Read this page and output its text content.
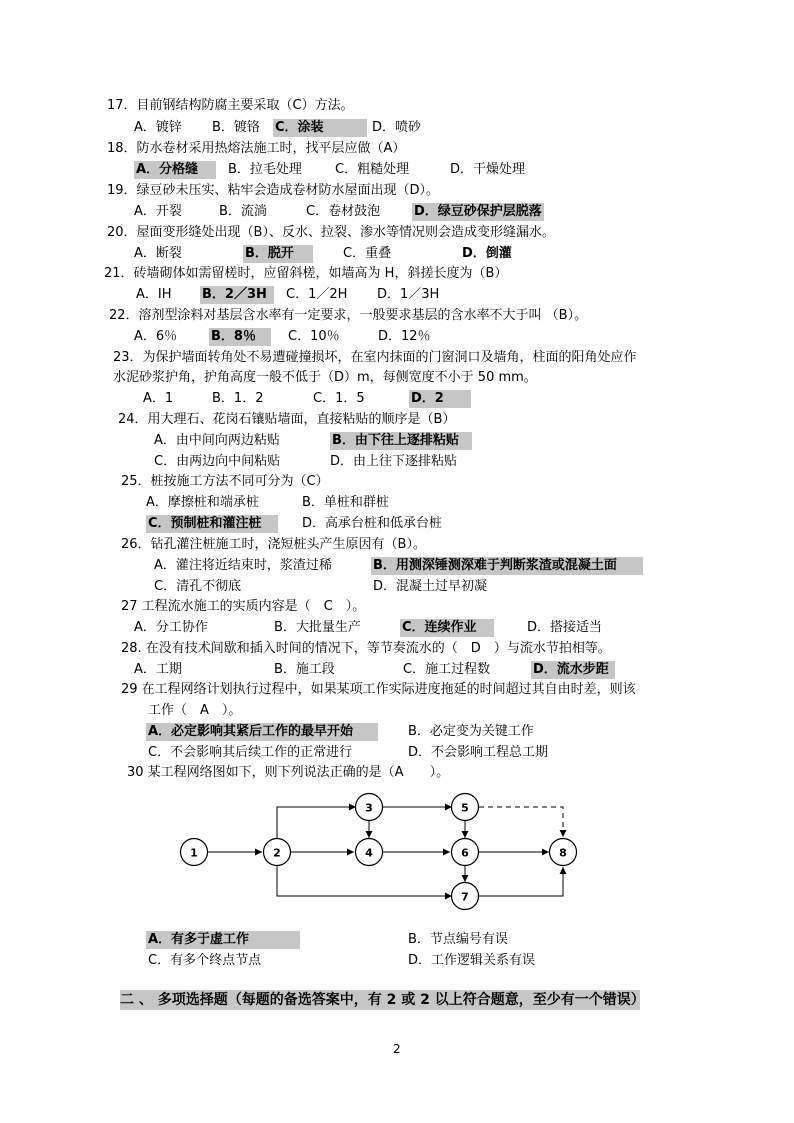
17．目前钢结构防腐主要采取（C）方法。
A．镀锌 B．镀铬 C．涂装	D．喷砂
18．防水卷材采用热熔法施工时，找平层应做（A）
A．分格缝	B．拉毛处理	C．粗糙处理	D．干燥处理
19．绿豆砂未压实、粘牢会造成卷材防水屋面出现（D）。
A．开裂	B．流淌	C．卷材鼓泡	D．绿豆砂保护层脱落
20．屋面变形缝处出现（B）、反水、拉裂、渗水等情况则会造成变形缝漏水。
A．断裂	B．脱开	C．重叠	D．倒灌
21．砖墙砌体如需留槎时，应留斜槎，如墙高为 H，斜搓长度为（B）
A．IH B．2／3H	C．1／2H D．1／3H
22．溶剂型涂料对基层含水率有一定要求，一般要求基层的含水率不大于叫 （B）。
A．6％	B．8％	C．10％	D．12％
23．为保护墙面转角处不易遭碰撞损坏，在室内抹面的门窗洞口及墙角，柱面的阳角处应作
水泥砂浆护角，护角高度一般不低于（D）m，每侧宽度不小于 50 mm。
A．1	B．1．2	C．1．5	D．2
24．用大理石、花岗石镶贴墙面，直接粘贴的顺序是（B）
A．由中间向两边粘贴	B．由下往上逐排粘贴
C．由两边向中间粘贴	D．由上往下逐排粘贴
25．桩按施工方法不同可分为（C）
A．摩擦桩和端承桩	B．单桩和群桩
C．预制桩和灌注桩	D．高承台桩和低承台桩
26．钻孔灌注桩施工时，浇短桩头产生原因有（B）。
A．灌注将近结束时，浆渣过稀	B．用测深锤测深难于判断浆渣或混凝土面
C．清孔不彻底	D．混凝土过早初凝
27 工程流水施工的实质内容是（　C　）。
A．分工协作	B．大批量生产	C．连续作业	D．搭接适当
28. 在没有技术间歇和插入时间的情况下，等节奏流水的（　D　）与流水节拍相等。
A．工期	B．施工段	C．施工过程数	D．流水步距
29 在工程网络计划执行过程中，如果某项工作实际进度拖延的时间超过其自由时差，则该
工作（　A　）。
A．必定影响其紧后工作的最早开始	B．必定变为关键工作
C．不会影响其后续工作的正常进行	D．不会影响工程总工期
30 某工程网络图如下，则下列说法正确的是（A　　）。
1	2
3
4
5
6
7
8
A．有多于虚工作	B．节点编号有误
C．有多个终点节点	D．工作逻辑关系有误
二 、 多项选择题（每题的备选答案中，有 2 或 2 以上符合题意，至少有一个错误）
2
